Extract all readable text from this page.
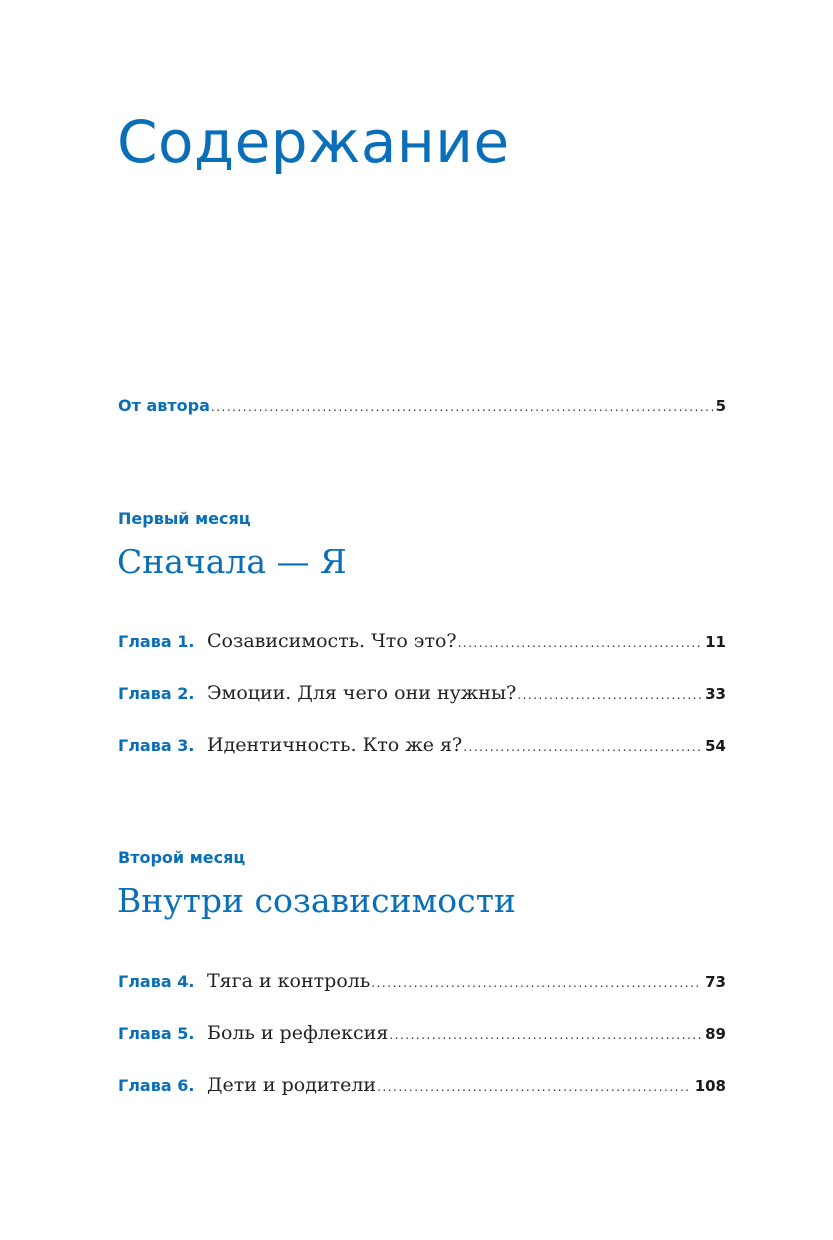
Содержание
От автора .....	5
Первый месяц
Сначала — Я
Глава 1. Созависимость. Что это? .....	11
Глава 2. Эмоции. Для чего они нужны? .....	33
Глава 3. Идентичность. Кто же я? .....	54
Второй месяц
Внутри созависимости
Глава 4. Тяга и контроль .....	73
Глава 5. Боль и рефлексия .....	89
Глава 6. Дети и родители .....	108
